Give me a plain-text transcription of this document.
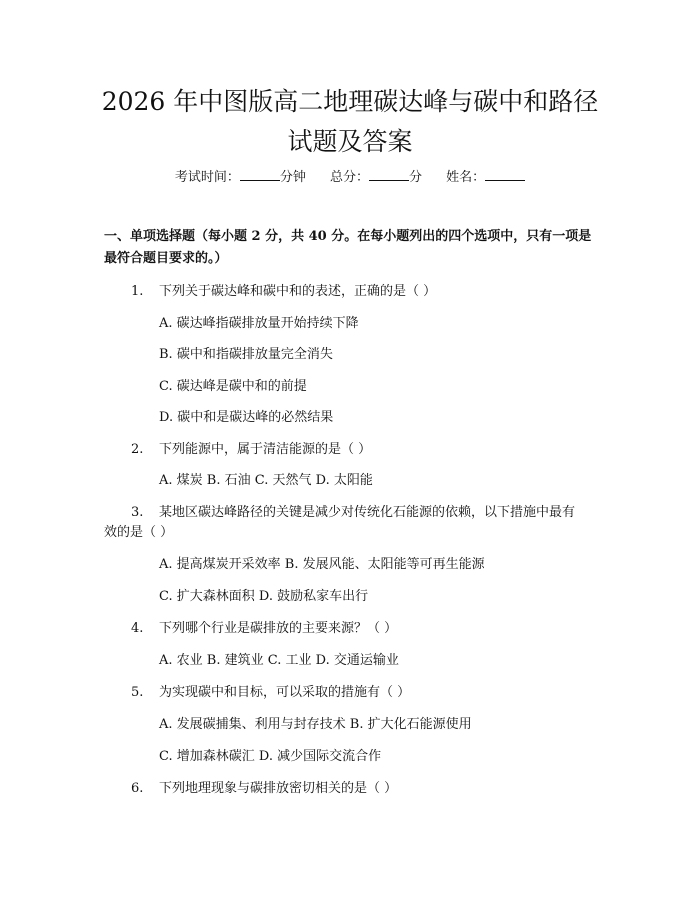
2026 年中图版高二地理碳达峰与碳中和路径
试题及答案
考试时间：	分钟 总分：	分 姓名：

一、单项选择题（每小题 2 分，共 40 分。在每小题列出的四个选项中，只有一项是最符合题目要求的。）

1. 下列关于碳达峰和碳中和的表述，正确的是（ ）
A. 碳达峰指碳排放量开始持续下降
B. 碳中和指碳排放量完全消失
C. 碳达峰是碳中和的前提
D. 碳中和是碳达峰的必然结果
2. 下列能源中，属于清洁能源的是（ ）
A. 煤炭 B. 石油 C. 天然气 D. 太阳能
3. 某地区碳达峰路径的关键是减少对传统化石能源的依赖，以下措施中最有
效的是（ ）
A. 提高煤炭开采效率 B. 发展风能、太阳能等可再生能源
C. 扩大森林面积 D. 鼓励私家车出行
4. 下列哪个行业是碳排放的主要来源？（ ）
A. 农业 B. 建筑业 C. 工业 D. 交通运输业
5. 为实现碳中和目标，可以采取的措施有（ ）
A. 发展碳捕集、利用与封存技术 B. 扩大化石能源使用
C. 增加森林碳汇 D. 减少国际交流合作
6. 下列地理现象与碳排放密切相关的是（ ）
